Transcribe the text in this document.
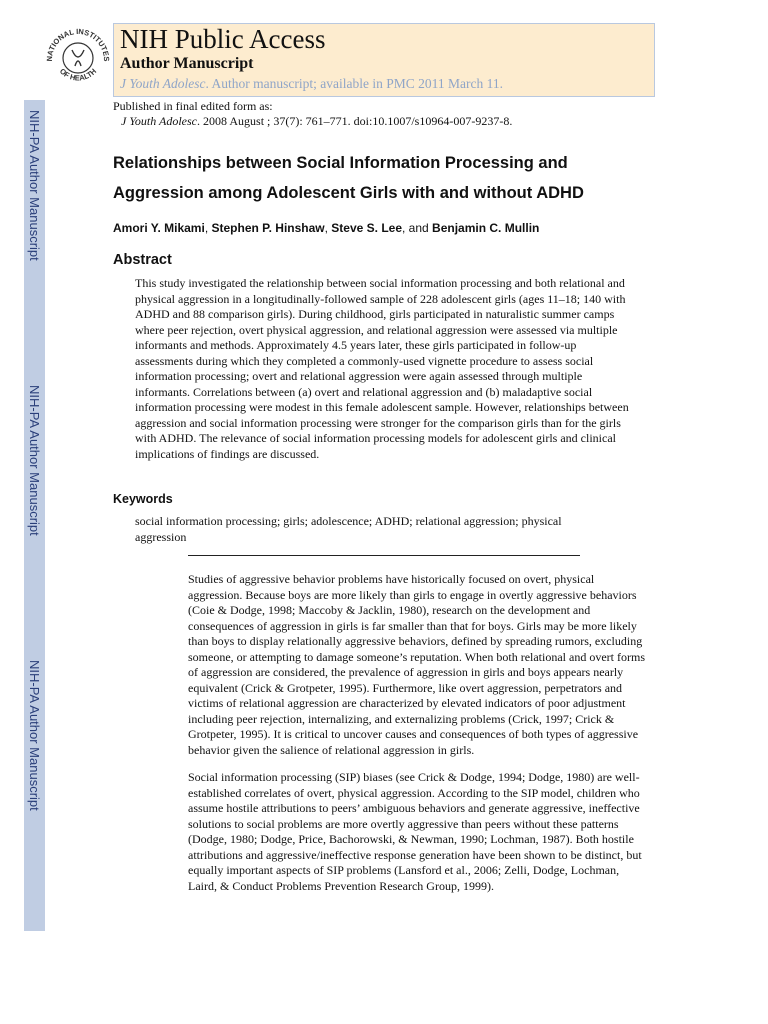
NIH-PA Author Manuscript
NIH-PA Author Manuscript
NIH-PA Author Manuscript
NATIONAL INSTITUTES
OF HEALTH
NIH Public Access
Author Manuscript
J Youth Adolesc. Author manuscript; available in PMC 2011 March 11.
Published in final edited form as:
J Youth Adolesc. 2008 August ; 37(7): 761–771. doi:10.1007/s10964-007-9237-8.
Relationships between Social Information Processing and
Aggression among Adolescent Girls with and without ADHD
Amori Y. Mikami, Stephen P. Hinshaw, Steve S. Lee, and Benjamin C. Mullin
Abstract
This study investigated the relationship between social information processing and both relational and physical aggression in a longitudinally-followed sample of 228 adolescent girls (ages 11–18; 140 with ADHD and 88 comparison girls). During childhood, girls participated in naturalistic summer camps where peer rejection, overt physical aggression, and relational aggression were assessed via multiple informants and methods. Approximately 4.5 years later, these girls participated in follow-up assessments during which they completed a commonly-used vignette procedure to assess social information processing; overt and relational aggression were again assessed through multiple informants. Correlations between (a) overt and relational aggression and (b) maladaptive social information processing were modest in this female adolescent sample. However, relationships between aggression and social information processing were stronger for the comparison girls than for the girls with ADHD. The relevance of social information processing models for adolescent girls and clinical implications of findings are discussed.
Keywords
social information processing; girls; adolescence; ADHD; relational aggression; physical aggression
Studies of aggressive behavior problems have historically focused on overt, physical aggression. Because boys are more likely than girls to engage in overtly aggressive behaviors (Coie & Dodge, 1998; Maccoby & Jacklin, 1980), research on the development and consequences of aggression in girls is far smaller than that for boys. Girls may be more likely than boys to display relationally aggressive behaviors, defined by spreading rumors, excluding someone, or attempting to damage someone’s reputation. When both relational and overt forms of aggression are considered, the prevalence of aggression in girls and boys appears nearly equivalent (Crick & Grotpeter, 1995). Furthermore, like overt aggression, perpetrators and victims of relational aggression are characterized by elevated indicators of poor adjustment including peer rejection, internalizing, and externalizing problems (Crick, 1997; Crick & Grotpeter, 1995). It is critical to uncover causes and consequences of both types of aggressive behavior given the salience of relational aggression in girls.
Social information processing (SIP) biases (see Crick & Dodge, 1994; Dodge, 1980) are well-established correlates of overt, physical aggression. According to the SIP model, children who assume hostile attributions to peers’ ambiguous behaviors and generate aggressive, ineffective solutions to social problems are more overtly aggressive than peers without these patterns (Dodge, 1980; Dodge, Price, Bachorowski, & Newman, 1990; Lochman, 1987). Both hostile attributions and aggressive/ineffective response generation have been shown to be distinct, but equally important aspects of SIP problems (Lansford et al., 2006; Zelli, Dodge, Lochman, Laird, & Conduct Problems Prevention Research Group, 1999).
